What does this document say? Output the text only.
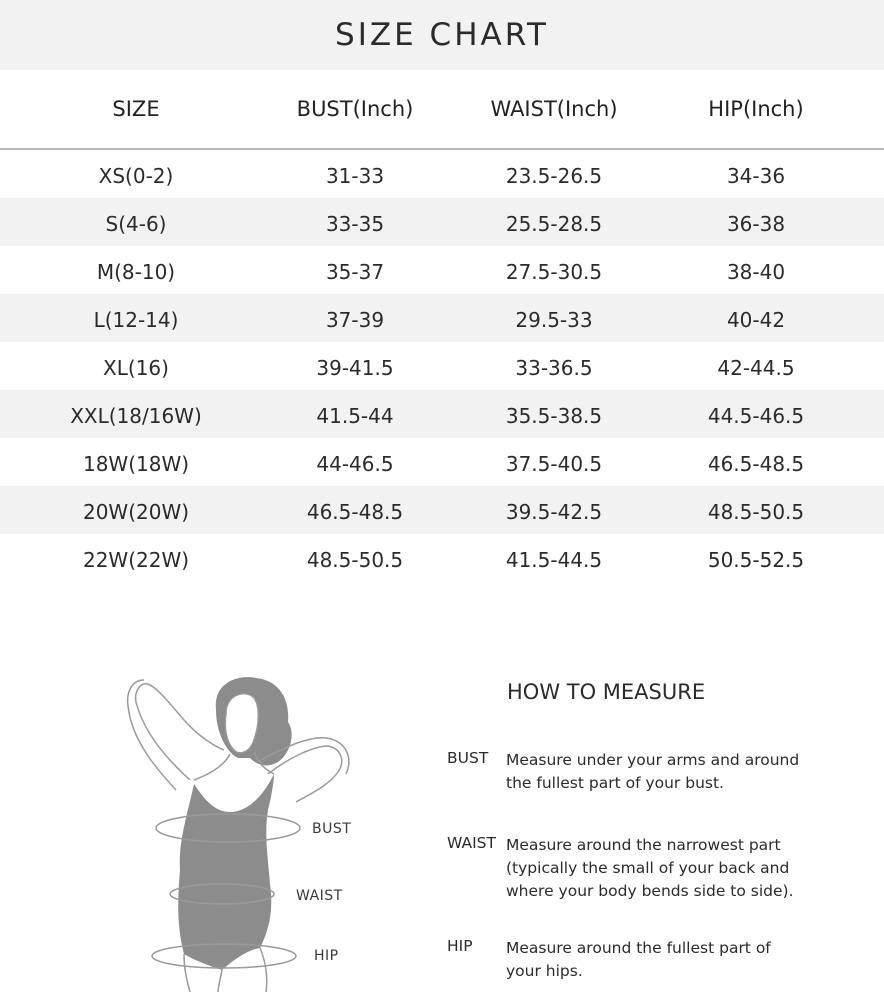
SIZE CHART
SIZE	BUST(Inch)	WAIST(Inch)	HIP(Inch)
XS(0-2)	31-33	23.5-26.5	34-36
S(4-6)	33-35	25.5-28.5	36-38
M(8-10)	35-37	27.5-30.5	38-40
L(12-14)	37-39	29.5-33	40-42
XL(16)	39-41.5	33-36.5	42-44.5
XXL(18/16W)	41.5-44	35.5-38.5	44.5-46.5
18W(18W)	44-46.5	37.5-40.5	46.5-48.5
20W(20W)	46.5-48.5	39.5-42.5	48.5-50.5
22W(22W)	48.5-50.5	41.5-44.5	50.5-52.5
BUST
WAIST
HIP
HOW TO MEASURE
BUST Measure under your arms and around
the fullest part of your bust.
WAIST Measure around the narrowest part
(typically the small of your back and
where your body bends side to side).
HIP Measure around the fullest part of
your hips.
